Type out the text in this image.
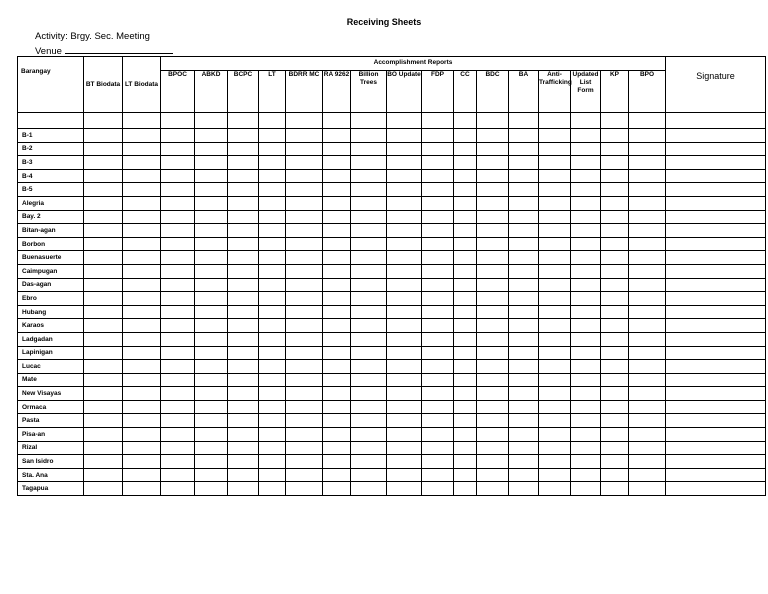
Receiving Sheets
Activity: Brgy. Sec. Meeting
Venue
Barangay	BT Biodata	LT Biodata	Accomplishment Reports																Signature
			BPOC	ABKD	BCPC	LT	BDRR MC	RA 9262	Billion Trees	BO Update	FDP	CC	BDC	BA	Anti-Trafficking	Updated List Form	KP	BPO	

B-1																			
B-2																			
B-3																			
B-4																			
B-5																			
Alegria																			
Bay. 2																			
Bitan-agan																			
Borbon																			
Buenasuerte																			
Caimpugan																			
Das-agan																			
Ebro																			
Hubang																			
Karaos																			
Ladgadan																			
Lapinigan																			
Lucac																			
Mate																			
New Visayas																			
Ormaca																			
Pasta																			
Pisa-an																			
Rizal																			
San Isidro																			
Sta. Ana																			
Tagapua																			
